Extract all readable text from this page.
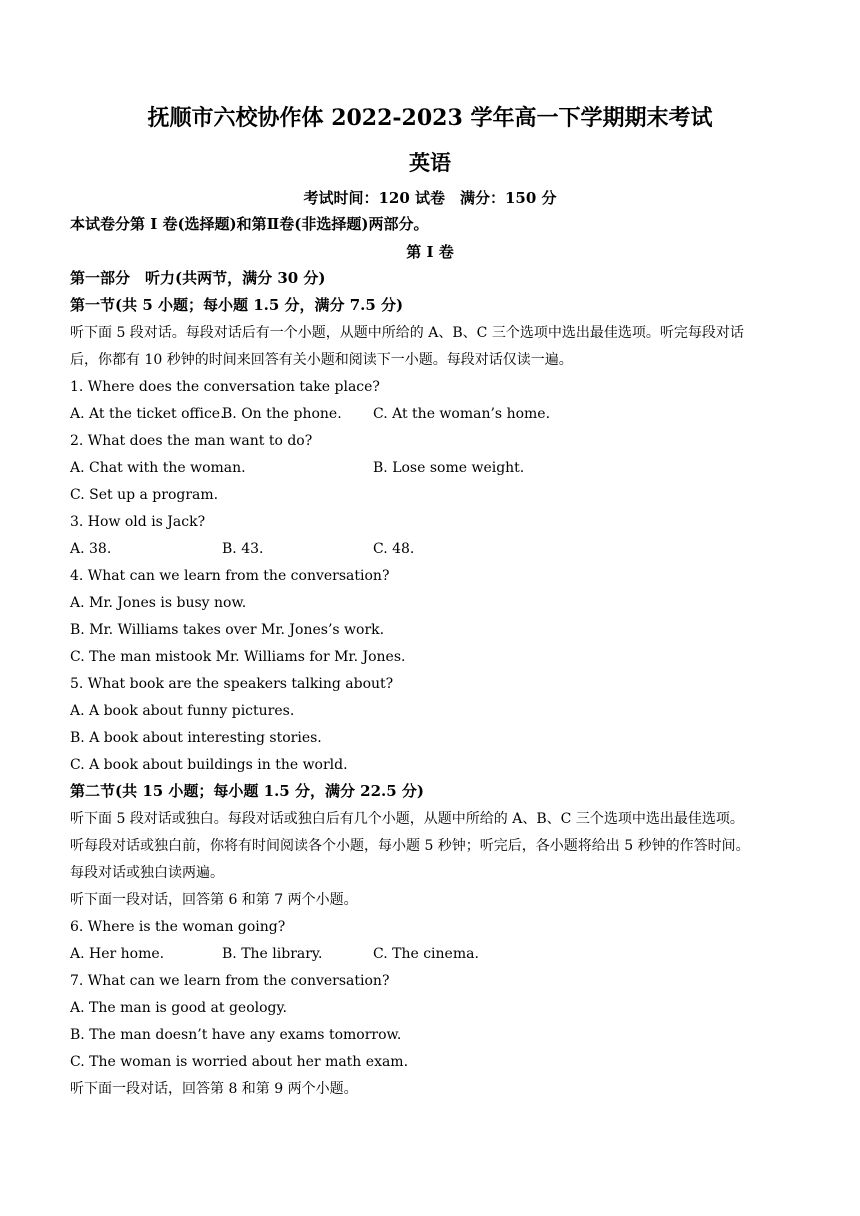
抚顺市六校协作体 2022-2023 学年高一下学期期末考试
英语
考试时间：120 试卷　满分：150 分
本试卷分第 I 卷(选择题)和第Ⅱ卷(非选择题)两部分。
第 I 卷
第一部分　听力(共两节，满分 30 分)
第一节(共 5 小题；每小题 1.5 分，满分 7.5 分)
听下面 5 段对话。每段对话后有一个小题，从题中所给的 A、B、C 三个选项中选出最佳选项。听完每段对话
后，你都有 10 秒钟的时间来回答有关小题和阅读下一小题。每段对话仅读一遍。
1. Where does the conversation take place?
A. At the ticket office.
B. On the phone. C. At the woman’s home.
2. What does the man want to do?
A. Chat with the woman.	B. Lose some weight.
C. Set up a program.
3. How old is Jack?
A. 38.	B. 43.	C. 48.
4. What can we learn from the conversation?
A. Mr. Jones is busy now.
B. Mr. Williams takes over Mr. Jones’s work.
C. The man mistook Mr. Williams for Mr. Jones.
5. What book are the speakers talking about?
A. A book about funny pictures.
B. A book about interesting stories.
C. A book about buildings in the world.
第二节(共 15 小题；每小题 1.5 分，满分 22.5 分)
听下面 5 段对话或独白。每段对话或独白后有几个小题，从题中所给的 A、B、C 三个选项中选出最佳选项。
听每段对话或独白前，你将有时间阅读各个小题，每小题 5 秒钟；听完后，各小题将给出 5 秒钟的作答时间。
每段对话或独白读两遍。
听下面一段对话，回答第 6 和第 7 两个小题。
6. Where is the woman going?
A. Her home.	B. The library.	C. The cinema.
7. What can we learn from the conversation?
A. The man is good at geology.
B. The man doesn’t have any exams tomorrow.
C. The woman is worried about her math exam.
听下面一段对话，回答第 8 和第 9 两个小题。
